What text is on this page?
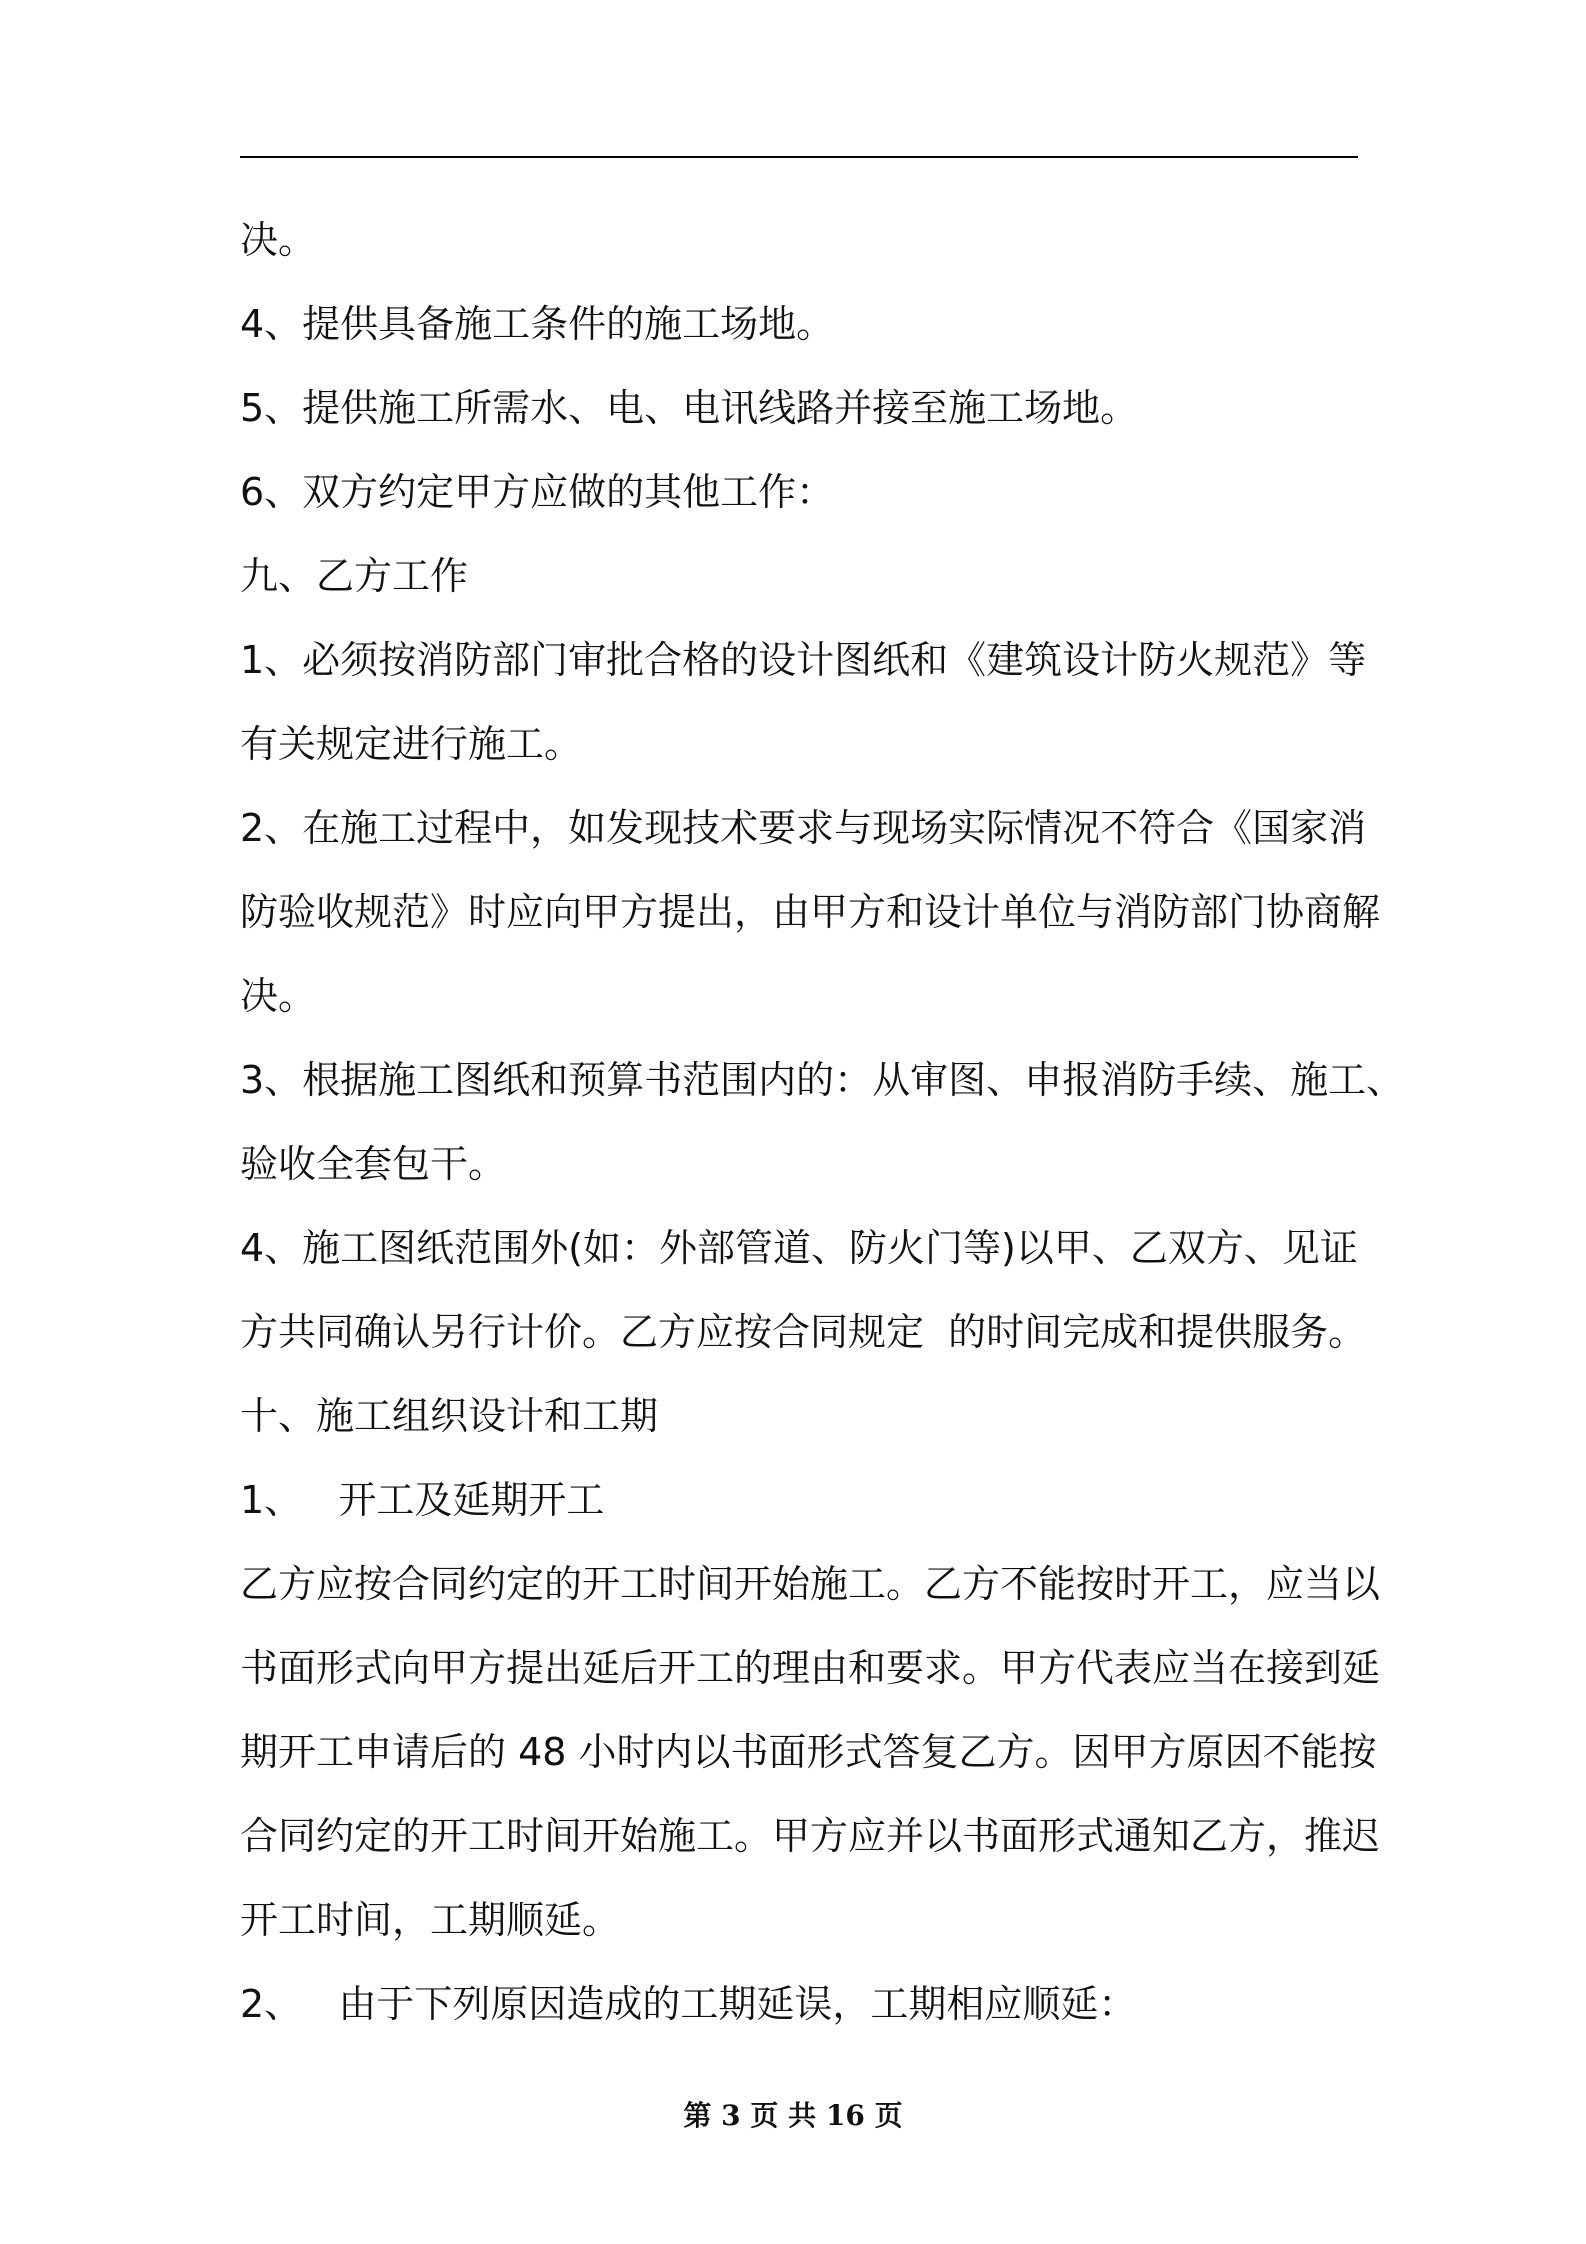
决。
4、提供具备施工条件的施工场地。
5、提供施工所需水、电、电讯线路并接至施工场地。
6、双方约定甲方应做的其他工作：
九、乙方工作
1、必须按消防部门审批合格的设计图纸和《建筑设计防火规范》等
有关规定进行施工。
2、在施工过程中，如发现技术要求与现场实际情况不符合《国家消
防验收规范》时应向甲方提出，由甲方和设计单位与消防部门协商解
决。
3、根据施工图纸和预算书范围内的：从审图、申报消防手续、施工、
验收全套包干。
4、施工图纸范围外(如：外部管道、防火门等)以甲、乙双方、见证
方共同确认另行计价。乙方应按合同规定  的时间完成和提供服务。
十、施工组织设计和工期
1、   开工及延期开工
乙方应按合同约定的开工时间开始施工。乙方不能按时开工，应当以
书面形式向甲方提出延后开工的理由和要求。甲方代表应当在接到延
期开工申请后的 48 小时内以书面形式答复乙方。因甲方原因不能按
合同约定的开工时间开始施工。甲方应并以书面形式通知乙方，推迟
开工时间，工期顺延。
2、   由于下列原因造成的工期延误，工期相应顺延：
第 3 页 共 16 页
